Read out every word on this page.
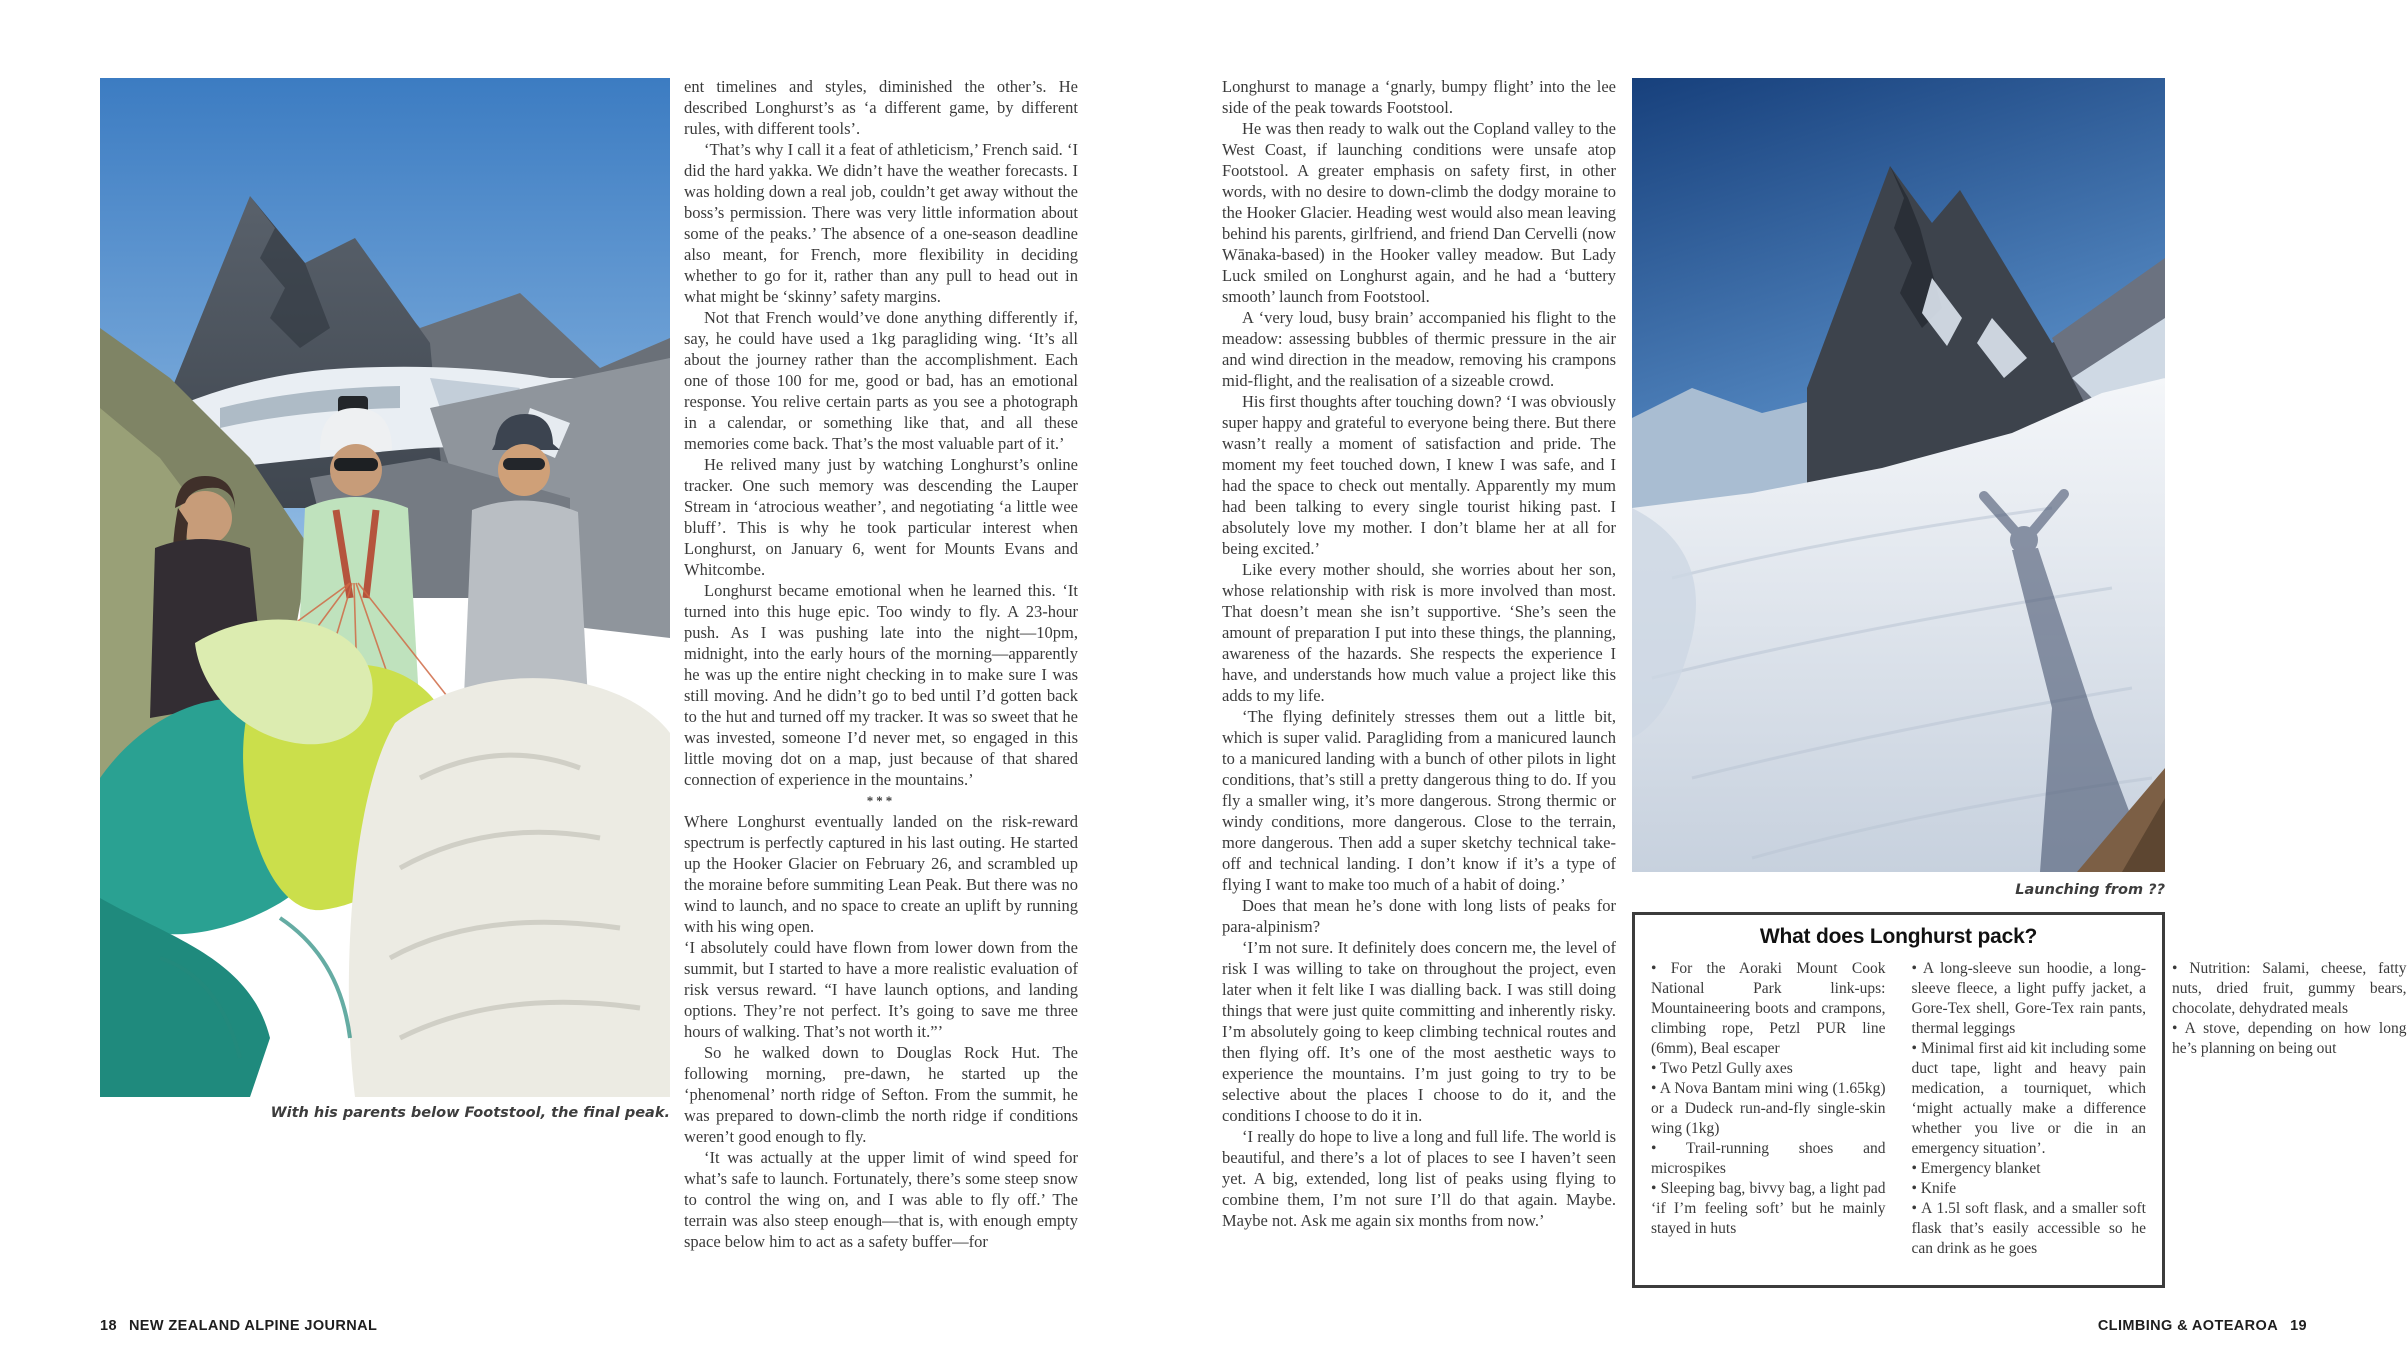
With his parents below Footstool, the final peak.

ent timelines and styles, diminished the other’s. He described Longhurst’s as ‘a different game, by different rules, with different tools’.

‘That’s why I call it a feat of athleticism,’ French said. ‘I did the hard yakka. We didn’t have the weather forecasts. I was holding down a real job, couldn’t get away without the boss’s permission. There was very little information about some of the peaks.’ The absence of a one-season deadline also meant, for French, more flexibility in deciding whether to go for it, rather than any pull to head out in what might be ‘skinny’ safety margins.

Not that French would’ve done anything differently if, say, he could have used a 1kg paragliding wing. ‘It’s all about the journey rather than the accomplishment. Each one of those 100 for me, good or bad, has an emotional response. You relive certain parts as you see a photograph in a calendar, or something like that, and all these memories come back. That’s the most valuable part of it.’

He relived many just by watching Longhurst’s online tracker. One such memory was descending the Lauper Stream in ‘atrocious weather’, and negotiating ‘a little wee bluff’. This is why he took particular interest when Longhurst, on January 6, went for Mounts Evans and Whitcombe.

Longhurst became emotional when he learned this. ‘It turned into this huge epic. Too windy to fly. A 23-hour push. As I was pushing late into the night—10pm, midnight, into the early hours of the morning—apparently he was up the entire night checking in to make sure I was still moving. And he didn’t go to bed until I’d gotten back to the hut and turned off my tracker. It was so sweet that he was invested, someone I’d never met, so engaged in this little moving dot on a map, just because of that shared connection of experience in the mountains.’

***

Where Longhurst eventually landed on the risk-reward spectrum is perfectly captured in his last outing. He started up the Hooker Glacier on February 26, and scrambled up the moraine before summiting Lean Peak. But there was no wind to launch, and no space to create an uplift by running with his wing open.

‘I absolutely could have flown from lower down from the summit, but I started to have a more realistic evaluation of risk versus reward. “I have launch options, and landing options. They’re not perfect. It’s going to save me three hours of walking. That’s not worth it.”’

So he walked down to Douglas Rock Hut. The following morning, pre-dawn, he started up the ‘phenomenal’ north ridge of Sefton. From the summit, he was prepared to down-climb the north ridge if conditions weren’t good enough to fly.

‘It was actually at the upper limit of wind speed for what’s safe to launch. Fortunately, there’s some steep snow to control the wing on, and I was able to fly off.’ The terrain was also steep enough—that is, with enough empty space below him to act as a safety buffer—for

18 NEW ZEALAND ALPINE JOURNAL

Longhurst to manage a ‘gnarly, bumpy flight’ into the lee side of the peak towards Footstool.

He was then ready to walk out the Copland valley to the West Coast, if launching conditions were unsafe atop Footstool. A greater emphasis on safety first, in other words, with no desire to down-climb the dodgy moraine to the Hooker Glacier. Heading west would also mean leaving behind his parents, girlfriend, and friend Dan Cervelli (now Wānaka-based) in the Hooker valley meadow. But Lady Luck smiled on Longhurst again, and he had a ‘buttery smooth’ launch from Footstool.

A ‘very loud, busy brain’ accompanied his flight to the meadow: assessing bubbles of thermic pressure in the air and wind direction in the meadow, removing his crampons mid-flight, and the realisation of a sizeable crowd.

His first thoughts after touching down? ‘I was obviously super happy and grateful to everyone being there. But there wasn’t really a moment of satisfaction and pride. The moment my feet touched down, I knew I was safe, and I had the space to check out mentally. Apparently my mum had been talking to every single tourist hiking past. I absolutely love my mother. I don’t blame her at all for being excited.’

Like every mother should, she worries about her son, whose relationship with risk is more involved than most. That doesn’t mean she isn’t supportive. ‘She’s seen the amount of preparation I put into these things, the planning, awareness of the hazards. She respects the experience I have, and understands how much value a project like this adds to my life.

‘The flying definitely stresses them out a little bit, which is super valid. Paragliding from a manicured launch to a manicured landing with a bunch of other pilots in light conditions, that’s still a pretty dangerous thing to do. If you fly a smaller wing, it’s more dangerous. Strong thermic or windy conditions, more dangerous. Close to the terrain, more dangerous. Then add a super sketchy technical take-off and technical landing. I don’t know if it’s a type of flying I want to make too much of a habit of doing.’

Does that mean he’s done with long lists of peaks for para-alpinism?

‘I’m not sure. It definitely does concern me, the level of risk I was willing to take on throughout the project, even later when it felt like I was dialling back. I was still doing things that were just quite committing and inherently risky. I’m absolutely going to keep climbing technical routes and then flying off. It’s one of the most aesthetic ways to experience the mountains. I’m just going to try to be selective about the places I choose to do it, and the conditions I choose to do it in.

‘I really do hope to live a long and full life. The world is beautiful, and there’s a lot of places to see I haven’t seen yet. A big, extended, long list of peaks using flying to combine them, I’m not sure I’ll do that again. Maybe. Maybe not. Ask me again six months from now.’

Launching from ??
What does Longhurst pack?

• For the Aoraki Mount Cook National Park link-ups: Mountaineering boots and crampons, climbing rope, Petzl PUR line (6mm), Beal escaper

• Two Petzl Gully axes

• A Nova Bantam mini wing (1.65kg) or a Dudeck run-and-fly single-skin wing (1kg)

• Trail-running shoes and microspikes

• Sleeping bag, bivvy bag, a light pad ‘if I’m feeling soft’ but he mainly stayed in huts

• A long-sleeve sun hoodie, a long-sleeve fleece, a light puffy jacket, a Gore-Tex shell, Gore-Tex rain pants, thermal leggings

• Minimal first aid kit including some duct tape, light and heavy pain medication, a tourniquet, which ‘might actually make a difference whether you live or die in an emergency situation’.

• Emergency blanket

• Knife

• A 1.5l soft flask, and a smaller soft flask that’s easily accessible so he can drink as he goes

• Nutrition: Salami, cheese, fatty nuts, dried fruit, gummy bears, chocolate, dehydrated meals

• A stove, depending on how long he’s planning on being out

CLIMBING & AOTEAROA 19
